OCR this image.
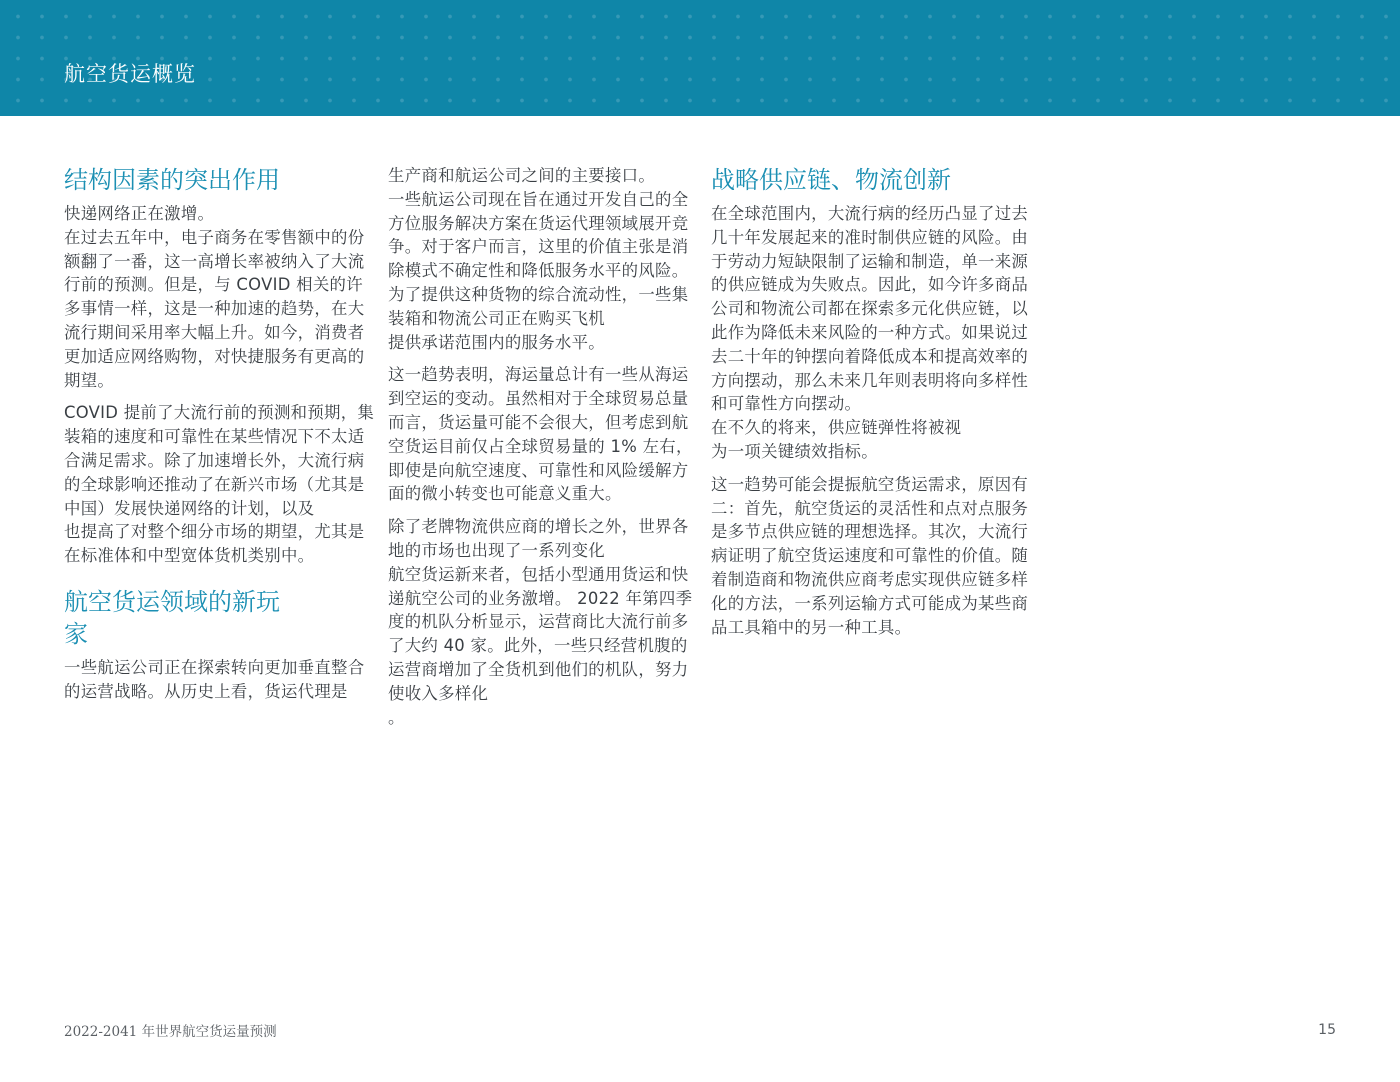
航空货运概览
结构因素的突出作用

快递网络正在激增。
在过去五年中，电子商务在零售额中的份额翻了一番，这一高增长率被纳入了大流行前的预测。但是，与 COVID 相关的许多事情一样，这是一种加速的趋势，在大流行期间采用率大幅上升。如今，消费者更加适应网络购物，对快捷服务有更高的期望。

COVID 提前了大流行前的预测和预期，集装箱的速度和可靠性在某些情况下不太适合满足需求。除了加速增长外，大流行病的全球影响还推动了在新兴市场（尤其是中国）发展快递网络的计划，以及
也提高了对整个细分市场的期望，尤其是在标准体和中型宽体货机类别中。

航空货运领域的新玩家

一些航运公司正在探索转向更加垂直整合的运营战略。从历史上看，货运代理是

生产商和航运公司之间的主要接口。
一些航运公司现在旨在通过开发自己的全方位服务解决方案在货运代理领域展开竞争。对于客户而言，这里的价值主张是消除模式不确定性和降低服务水平的风险。为了提供这种货物的综合流动性，一些集装箱和物流公司正在购买飞机
提供承诺范围内的服务水平。

这一趋势表明，海运量总计有一些从海运到空运的变动。虽然相对于全球贸易总量而言，货运量可能不会很大，但考虑到航空货运目前仅占全球贸易量的 1% 左右，即使是向航空速度、可靠性和风险缓解方面的微小转变也可能意义重大。

除了老牌物流供应商的增长之外，世界各地的市场也出现了一系列变化
航空货运新来者，包括小型通用货运和快递航空公司的业务激增。 2022 年第四季度的机队分析显示，运营商比大流行前多了大约 40 家。此外，一些只经营机腹的运营商增加了全货机到他们的机队，努力使收入多样化
。

战略供应链、物流创新

在全球范围内，大流行病的经历凸显了过去几十年发展起来的准时制供应链的风险。由于劳动力短缺限制了运输和制造，单一来源的供应链成为失败点。因此，如今许多商品公司和物流公司都在探索多元化供应链，以此作为降低未来风险的一种方式。如果说过去二十年的钟摆向着降低成本和提高效率的方向摆动，那么未来几年则表明将向多样性和可靠性方向摆动。
在不久的将来，供应链弹性将被视
为一项关键绩效指标。

这一趋势可能会提振航空货运需求，原因有二：首先，航空货运的灵活性和点对点服务是多节点供应链的理想选择。其次，大流行病证明了航空货运速度和可靠性的价值。随着制造商和物流供应商考虑实现供应链多样化的方法，一系列运输方式可能成为某些商品工具箱中的另一种工具。

2022-2041 年世界航空货运量预测	15
